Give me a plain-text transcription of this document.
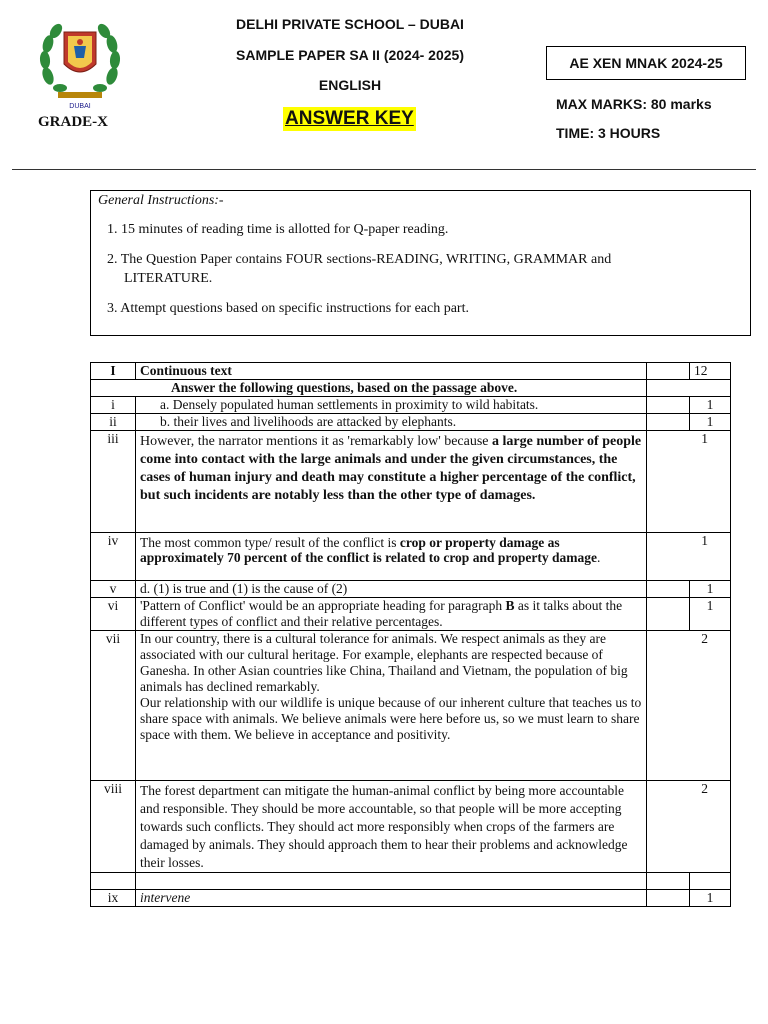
DUBAI
GRADE-X
DELHI PRIVATE SCHOOL – DUBAI
SAMPLE PAPER SA II (2024- 2025)
ENGLISH
ANSWER KEY
AE XEN MNAK 2024-25
MAX MARKS: 80 marks
TIME: 3 HOURS
General Instructions:-
1. 15 minutes of reading time is allotted for Q-paper reading.
2. The Question Paper contains FOUR sections-READING, WRITING, GRAMMAR and
LITERATURE.
3. Attempt questions based on specific instructions for each part.
I	Continuous text		12
Answer the following questions, based on the passage above.			
i	a. Densely populated human settlements in proximity to wild habitats.		1
ii	b. their lives and livelihoods are attacked by elephants.		1
iii	However, the narrator mentions it as 'remarkably low' because a large number of people come into contact with the large animals and under the given circumstances, the cases of human injury and death may constitute a higher percentage of the conflict, but such incidents are notably less than the other type of damages.	1	
iv	The most common type/ result of the conflict is crop or property damage as approximately 70 percent of the conflict is related to crop and property damage.	1	
v	d. (1) is true and (1) is the cause of (2)		1
vi	'Pattern of Conflict' would be an appropriate heading for paragraph B as it talks about the different types of conflict and their relative percentages.		1
vii	In our country, there is a cultural tolerance for animals. We respect animals as they are associated with our cultural heritage. For example, elephants are respected because of Ganesha. In other Asian countries like China, Thailand and Vietnam, the population of big animals has declined remarkably.
Our relationship with our wildlife is unique because of our inherent culture that teaches us to share space with animals. We believe animals were here before us, so we must learn to share space with them. We believe in acceptance and positivity.	2	
viii	The forest department can mitigate the human-animal conflict by being more accountable and responsible. They should be more accountable, so that people will be more accepting towards such conflicts. They should act more responsibly when crops of the farmers are damaged by animals. They should approach them to hear their problems and acknowledge their losses.	2	

ix	intervene		1
